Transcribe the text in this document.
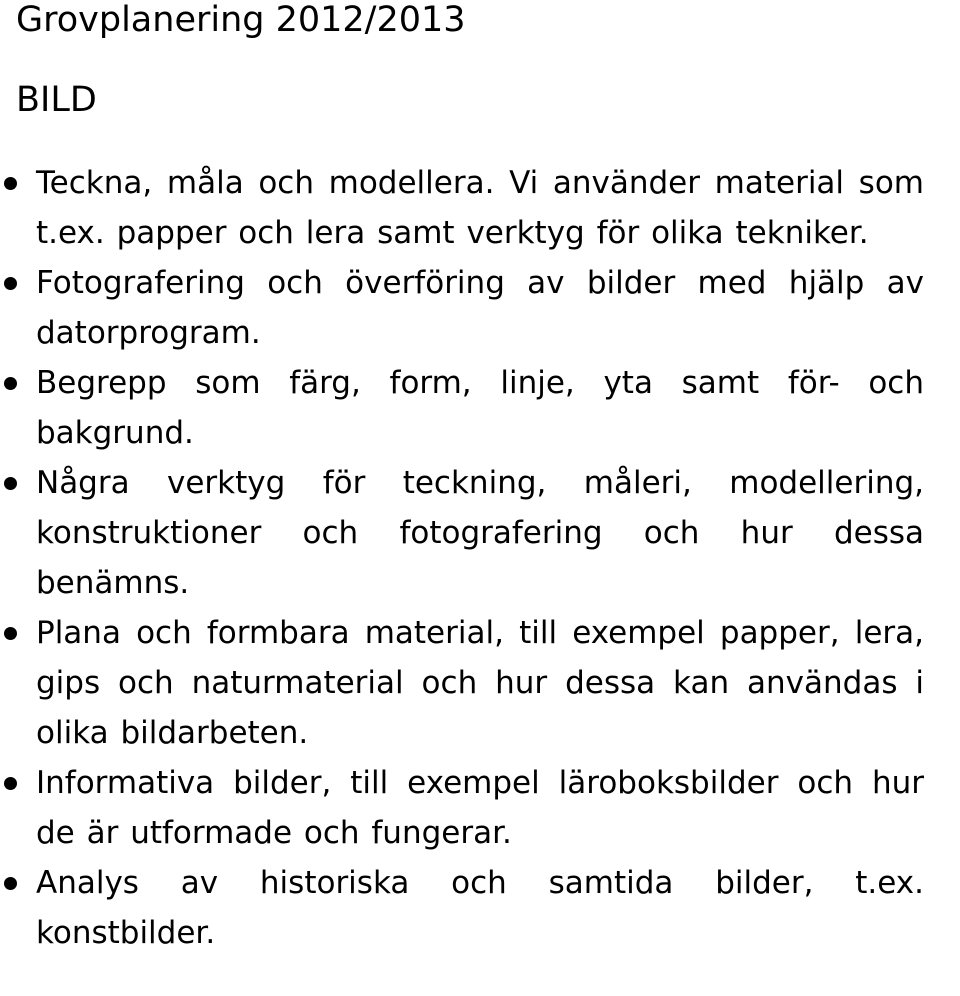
Grovplanering 2012/2013
BILD
Teckna, måla och modellera. Vi använder material som t.ex. papper och lera samt verktyg för olika tekniker.
Fotografering och överföring av bilder med hjälp av datorprogram.
Begrepp som färg, form, linje, yta samt för- och bakgrund.
Några verktyg för teckning, måleri, modellering, konstruktioner och fotografering och hur dessa benämns.
Plana och formbara material, till exempel papper, lera, gips och naturmaterial och hur dessa kan användas i olika bildarbeten.
Informativa bilder, till exempel läroboksbilder och hur de är utformade och fungerar.
Analys av historiska och samtida bilder, t.ex. konstbilder.
